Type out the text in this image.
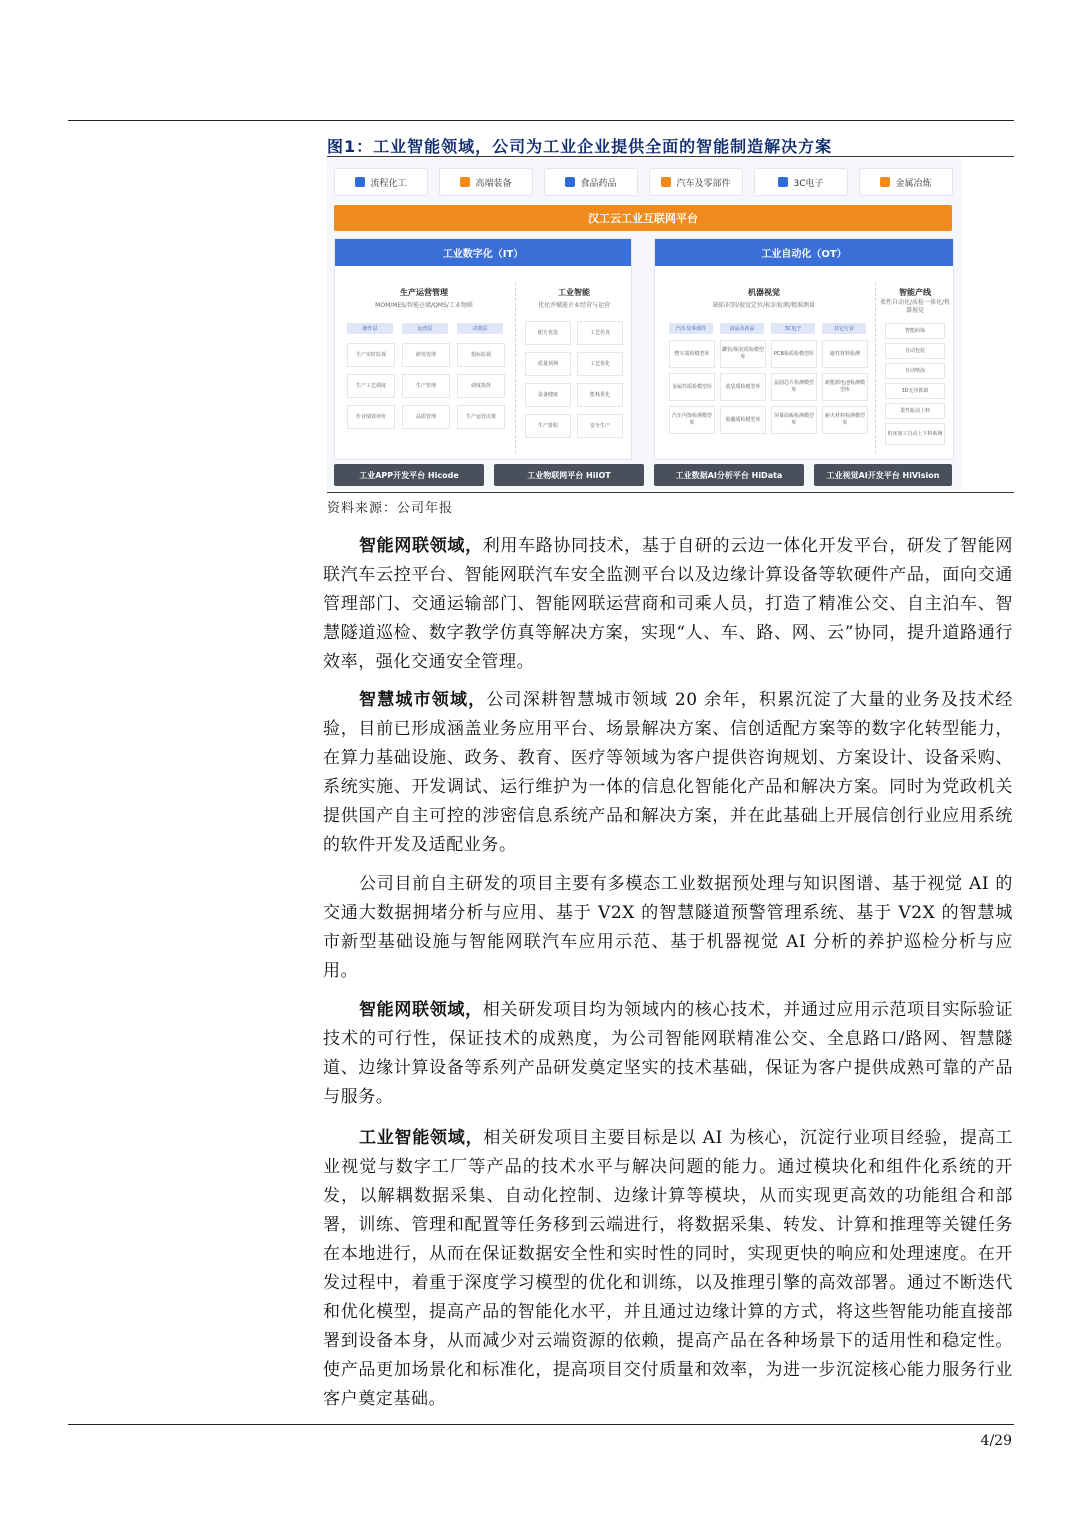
图1：工业智能领域，公司为工业企业提供全面的智能制造解决方案
流程化工	高端装备	食品药品	汽车及零部件	3C电子	金属冶炼
汉工云工业互联网平台
工业数字化（IT）
生产运营管理
MOM/MES/智能仓储/QMS/工业物联
工业智能
优化并赋能企业经营与运营
操作层	运营层	决策层
生产实时监视	研发管理	指标监视
生产工艺调度	生产管理	调度指挥
作业绩效评价	品质管理	生产运营决策
配方优选	工艺仿真
质量预测	工艺优化
设备健康	能耗优化
生产排程	安全生产
工业自动化（OT）
机器视觉
缺陷识别/视觉定位/标识检测/精准测量
智能产线
柔性自动化/质检一体化/机器视觉
汽车及零部件	食品及药品	3C电子	其它行业
整车质检模型库
罐装/瓶装质检模型库
PCB板质检模型库	磁性材料检测
金属件质检模型库	装袋质检模型库
晶圆芯片检测模型库
新能源电池检测模型库
汽车内饰检测模型库
胶囊质检模型库
屏幕面板检测模型库
耐火材料检测模型库
智能码垛
自动包装
自动喷涂
3D无序抓取
柔性振动上料
机床加工自动上下料系统
工业APP开发平台 Hicode	工业物联网平台 HiIOT	工业数据AI分析平台 HiData	工业视觉AI开发平台 HiVision
资料来源：公司年报
智能网联领域，利用车路协同技术，基于自研的云边一体化开发平台，研发了智能网联汽车云控平台、智能网联汽车安全监测平台以及边缘计算设备等软硬件产品，面向交通管理部门、交通运输部门、智能网联运营商和司乘人员，打造了精准公交、自主泊车、智慧隧道巡检、数字教学仿真等解决方案，实现“人、车、路、网、云”协同，提升道路通行效率，强化交通安全管理。
智慧城市领域，公司深耕智慧城市领域 20 余年，积累沉淀了大量的业务及技术经验，目前已形成涵盖业务应用平台、场景解决方案、信创适配方案等的数字化转型能力，在算力基础设施、政务、教育、医疗等领域为客户提供咨询规划、方案设计、设备采购、系统实施、开发调试、运行维护为一体的信息化智能化产品和解决方案。同时为党政机关提供国产自主可控的涉密信息系统产品和解决方案，并在此基础上开展信创行业应用系统的软件开发及适配业务。
公司目前自主研发的项目主要有多模态工业数据预处理与知识图谱、基于视觉 AI 的交通大数据拥堵分析与应用、基于 V2X 的智慧隧道预警管理系统、基于 V2X 的智慧城市新型基础设施与智能网联汽车应用示范、基于机器视觉 AI 分析的养护巡检分析与应用。
智能网联领域，相关研发项目均为领域内的核心技术，并通过应用示范项目实际验证技术的可行性，保证技术的成熟度，为公司智能网联精准公交、全息路口/路网、智慧隧道、边缘计算设备等系列产品研发奠定坚实的技术基础，保证为客户提供成熟可靠的产品与服务。
工业智能领域，相关研发项目主要目标是以 AI 为核心，沉淀行业项目经验，提高工业视觉与数字工厂等产品的技术水平与解决问题的能力。通过模块化和组件化系统的开发，以解耦数据采集、自动化控制、边缘计算等模块，从而实现更高效的功能组合和部署，训练、管理和配置等任务移到云端进行，将数据采集、转发、计算和推理等关键任务在本地进行，从而在保证数据安全性和实时性的同时，实现更快的响应和处理速度。在开发过程中，着重于深度学习模型的优化和训练，以及推理引擎的高效部署。通过不断迭代和优化模型，提高产品的智能化水平，并且通过边缘计算的方式，将这些智能功能直接部署到设备本身，从而减少对云端资源的依赖，提高产品在各种场景下的适用性和稳定性。使产品更加场景化和标准化，提高项目交付质量和效率，为进一步沉淀核心能力服务行业客户奠定基础。
4/29
